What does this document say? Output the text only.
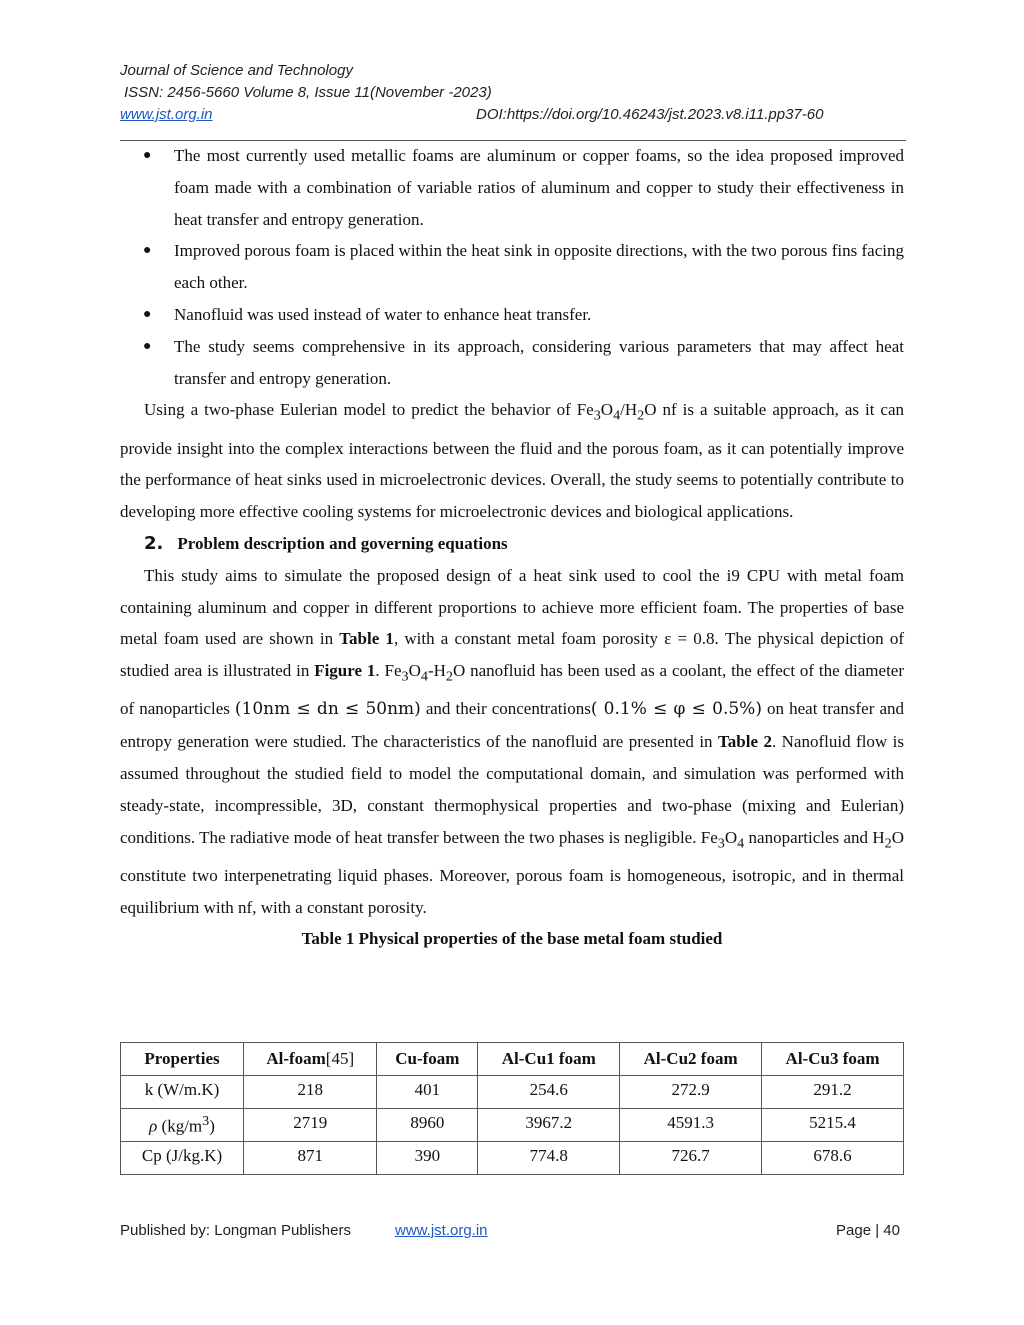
Journal of Science and Technology
ISSN: 2456-5660 Volume 8, Issue 11(November -2023)
www.jst.org.in	DOI:https://doi.org/10.46243/jst.2023.v8.i11.pp37-60
● The most currently used metallic foams are aluminum or copper foams, so the idea proposed improved foam made with a combination of variable ratios of aluminum and copper to study their effectiveness in heat transfer and entropy generation.
● Improved porous foam is placed within the heat sink in opposite directions, with the two porous fins facing each other.
● Nanofluid was used instead of water to enhance heat transfer.
● The study seems comprehensive in its approach, considering various parameters that may affect heat transfer and entropy generation.

Using a two-phase Eulerian model to predict the behavior of $Fe_3O_4/H_2O$ nf is a suitable approach, as it can provide insight into the complex interactions between the fluid and the porous foam, as it can potentially improve the performance of heat sinks used in microelectronic devices. Overall, the study seems to potentially contribute to developing more effective cooling systems for microelectronic devices and biological applications.

2. Problem description and governing equations

This study aims to simulate the proposed design of a heat sink used to cool the i9 CPU with metal foam containing aluminum and copper in different proportions to achieve more efficient foam. The properties of base metal foam used are shown in Table 1, with a constant metal foam porosity ε = 0.8. The physical depiction of studied area is illustrated in Figure 1. $Fe_3O_4-H_2O$ nanofluid has been used as a coolant, the effect of the diameter of nanoparticles (10nm ≤ dn ≤ 50nm) and their concentrations( 0.1% ≤ φ ≤ 0.5%) on heat transfer and entropy generation were studied. The characteristics of the nanofluid are presented in Table 2. Nanofluid flow is assumed throughout the studied field to model the computational domain, and simulation was performed with steady-state, incompressible, 3D, constant thermophysical properties and two-phase (mixing and Eulerian) conditions. The radiative mode of heat transfer between the two phases is negligible. $Fe_3O_4$ nanoparticles and $H_2O$ constitute two interpenetrating liquid phases. Moreover, porous foam is homogeneous, isotropic, and in thermal equilibrium with nf, with a constant porosity.

Table 1 Physical properties of the base metal foam studied
Properties	Al-foam[45]	Cu-foam	Al-Cu1 foam	Al-Cu2 foam	Al-Cu3 foam
k (W/m.K)	218	401	254.6	272.9	291.2
ρ $(kg/m^3)$	2719	8960	3967.2	4591.3	5215.4
Cp (J/kg.K)	871	390	774.8	726.7	678.6
Published by: Longman Publishers	www.jst.org.in	Page | 40
